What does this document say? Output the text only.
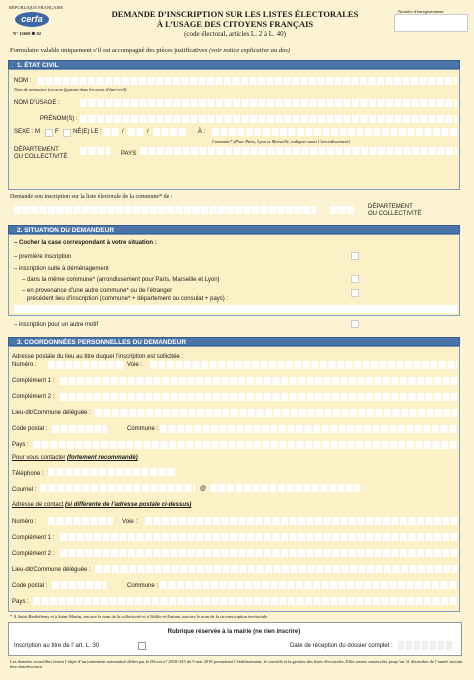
RÉPUBLIQUE FRANÇAISE
cerfa
N° 12669 ✽ 02
DEMANDE D’INSCRIPTION SUR LES LISTES ÉLECTORALES
À L’USAGE DES CITOYENS FRANÇAIS
(code électoral, articles L. 2 à L. 40)
Numéro d'enregistrement
Formulaire valable uniquement s’il est accompagné des pièces justificatives (voir notice explicative au dos)
1. ÉTAT CIVIL
NOM :
Nom de naissance (ou nom figurant dans les actes d'état-civil)
NOM D’USAGE :
PRÉNOM(S) :
SEXE : M F NÉ(E) LE :	/	/	À :
Commune* (Pour Paris, Lyon et Marseille, indiquer aussi l’arrondissement)
DÉPARTEMENT
OU COLLECTIVITÉ	PAYS
Demande son inscription sur la liste électorale de la commune* de :
DÉPARTEMENT
OU COLLECTIVITÉ
2. SITUATION DU DEMANDEUR
– Cocher la case correspondant à votre situation :
– première inscription
– inscription suite à déménagement
– dans la même commune* (arrondissement pour Paris, Marseille et Lyon)
– en provenance d’une autre commune* ou de l’étranger
précédent lieu d’inscription (commune* + département ou consulat + pays) :
– inscription pour un autre motif
3. COORDONNÉES PERSONNELLES DU DEMANDEUR
Adresse postale du lieu au titre duquel l’inscription est sollicitée :
Numéro :	Voie :
Complément 1 :
Complément 2 :
Lieu-dit/Commune déléguée :
Code postal :	Commune :
Pays :
Pour vous contacter (fortement recommandé)
Téléphone :
Courriel :	@
Adresse de contact (si différente de l’adresse postale ci-dessus)
Numéro :	Voie :
Complément 1 :
Complément 2 :
Lieu-dit/Commune déléguée :
Code postal :	Commune :
Pays :
* À Saint-Barthélemy et à Saint-Martin, inscrire le nom de la collectivité et à Wallis-et-Futuna, inscrire le nom de la circonscription territoriale.
Rubrique réservée à la mairie (ne rien inscrire)
Inscription au titre de l’ art. L. 30	Date de réception du dossier complet :
Les données recueillies feront l’objet d’un traitement automatisé défini par le Décret n° 2018-343 du 9 mai 2018 permettant l’établissement, le contrôle et la gestion des listes électorales. Elles seront conservées jusqu’au 31 décembre de l’année suivant leur obsolescence.
